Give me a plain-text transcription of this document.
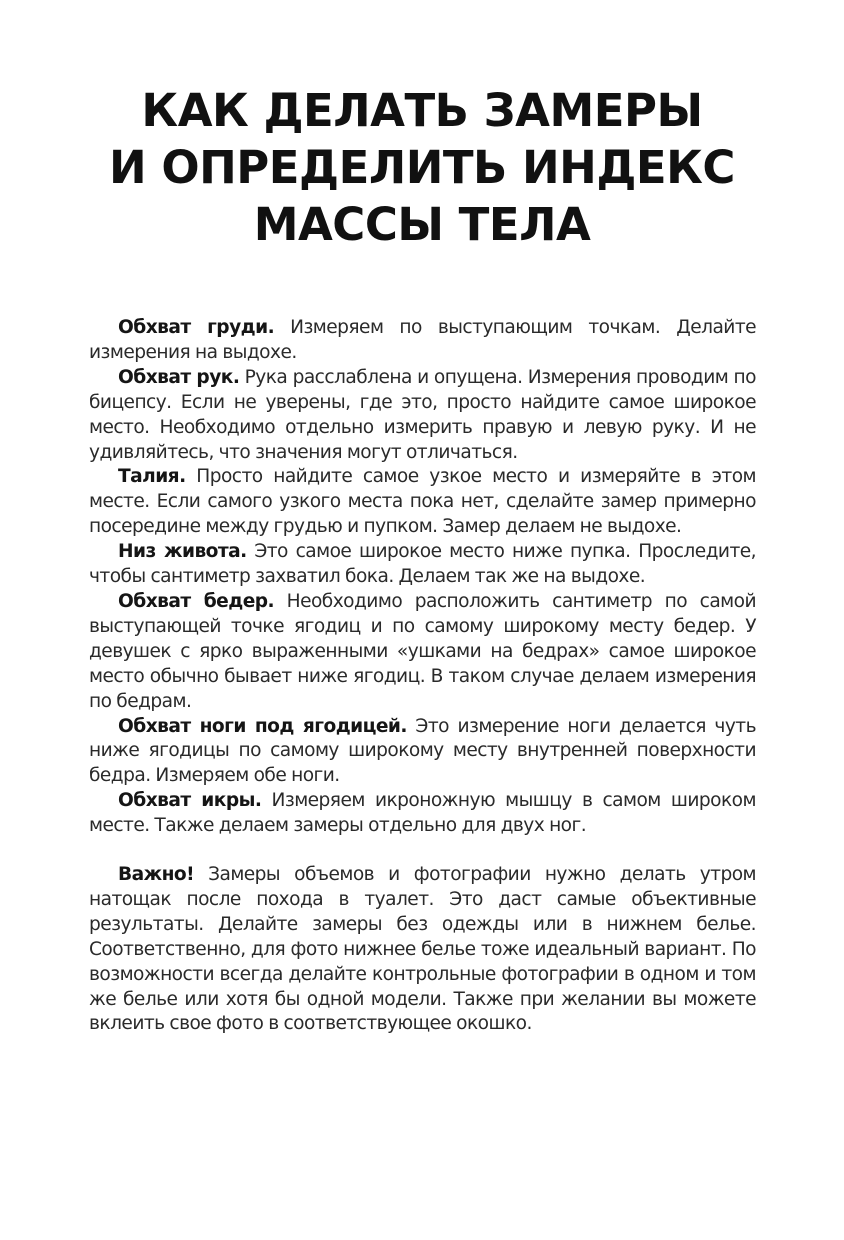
КАК ДЕЛАТЬ ЗАМЕРЫ
И ОПРЕДЕЛИТЬ ИНДЕКС
МАССЫ ТЕЛА

Обхват груди. Измеряем по выступающим точкам. Делайте измерения на выдохе.

Обхват рук. Рука расслаблена и опущена. Измерения проводим по бицепсу. Если не уверены, где это, просто найдите самое широкое место. Необходимо отдельно измерить правую и левую руку. И не удивляйтесь, что значения могут отличаться.

Талия. Просто найдите самое узкое место и измеряйте в этом месте. Если самого узкого места пока нет, сделайте замер примерно посередине между грудью и пупком. Замер делаем не выдохе.

Низ живота. Это самое широкое место ниже пупка. Проследите, чтобы сантиметр захватил бока. Делаем так же на выдохе.

Обхват бедер. Необходимо расположить сантиметр по самой выступающей точке ягодиц и по самому широкому месту бедер. У девушек с ярко выраженными «ушками на бедрах» самое широкое место обычно бывает ниже ягодиц. В таком случае делаем измерения по бедрам.

Обхват ноги под ягодицей. Это измерение ноги делается чуть ниже ягодицы по самому широкому месту внутренней поверхности бедра. Измеряем обе ноги.

Обхват икры. Измеряем икроножную мышцу в самом широком месте. Также делаем замеры отдельно для двух ног.

Важно! Замеры объемов и фотографии нужно делать утром натощак после похода в туалет. Это даст самые объективные результаты. Делайте замеры без одежды или в нижнем белье. Соответственно, для фото нижнее белье тоже идеальный вариант. По возможности всегда делайте контрольные фотографии в одном и том же белье или хотя бы одной модели. Также при желании вы можете вклеить свое фото в соответствующее окошко.
